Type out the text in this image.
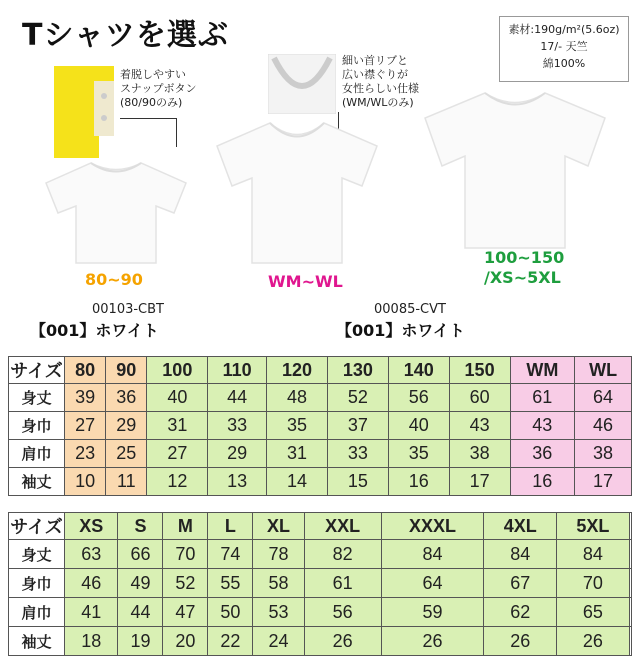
Tシャツを選ぶ	素材:190g/m²(5.6oz)
17/- 天竺
綿100%
着脱しやすい
スナップボタン
(80/90のみ)
細い首リブと
広い襟ぐりが
女性らしい仕様
(WM/WLのみ)
80~90	WM~WL
100~150
/XS~5XL
00103-CBT
【001】ホワイト
00085-CVT
【001】ホワイト
サイズ	80	90	100	110	120	130	140	150	WM	WL
身丈	39	36	40	44	48	52	56	60	61	64
身巾	27	29	31	33	35	37	40	43	43	46
肩巾	23	25	27	29	31	33	35	38	36	38
袖丈	10	11	12	13	14	15	16	17	16	17
サイズ	XS	S	M	L	XL	XXL	XXXL	4XL	5XL	
身丈	63	66	70	74	78	82	84	84	84	
身巾	46	49	52	55	58	61	64	67	70	
肩巾	41	44	47	50	53	56	59	62	65	
袖丈	18	19	20	22	24	26	26	26	26	
